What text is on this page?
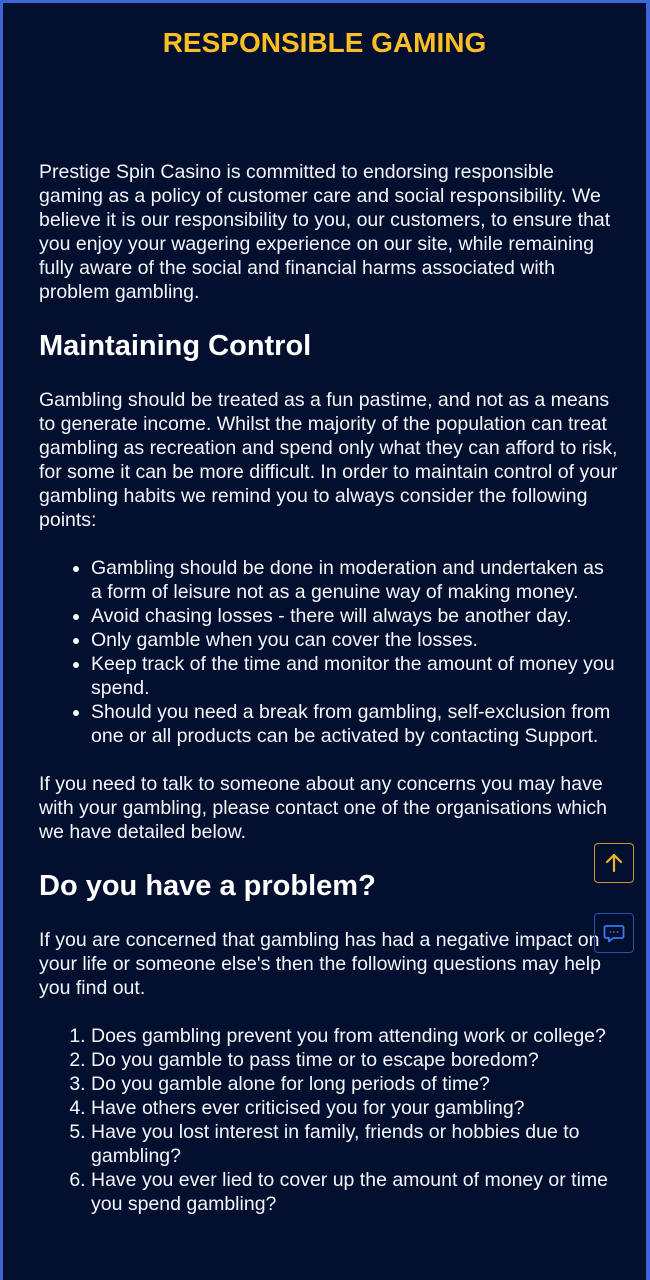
RESPONSIBLE GAMING

Prestige Spin Casino is committed to endorsing responsible gaming as a policy of customer care and social responsibility. We believe it is our responsibility to you, our customers, to ensure that you enjoy your wagering experience on our site, while remaining fully aware of the social and financial harms associated with problem gambling.

Maintaining Control

Gambling should be treated as a fun pastime, and not as a means to generate income. Whilst the majority of the population can treat gambling as recreation and spend only what they can afford to risk, for some it can be more difficult. In order to maintain control of your gambling habits we remind you to always consider the following points:

• Gambling should be done in moderation and undertaken as a form of leisure not as a genuine way of making money.
• Avoid chasing losses - there will always be another day.
• Only gamble when you can cover the losses.
• Keep track of the time and monitor the amount of money you spend.
• Should you need a break from gambling, self-exclusion from one or all products can be activated by contacting Support.

If you need to talk to someone about any concerns you may have with your gambling, please contact one of the organisations which we have detailed below.

Do you have a problem?

If you are concerned that gambling has had a negative impact on your life or someone else's then the following questions may help you find out.

1. Does gambling prevent you from attending work or college?
2. Do you gamble to pass time or to escape boredom?
3. Do you gamble alone for long periods of time?
4. Have others ever criticised you for your gambling?
5. Have you lost interest in family, friends or hobbies due to gambling?
6. Have you ever lied to cover up the amount of money or time you spend gambling?
